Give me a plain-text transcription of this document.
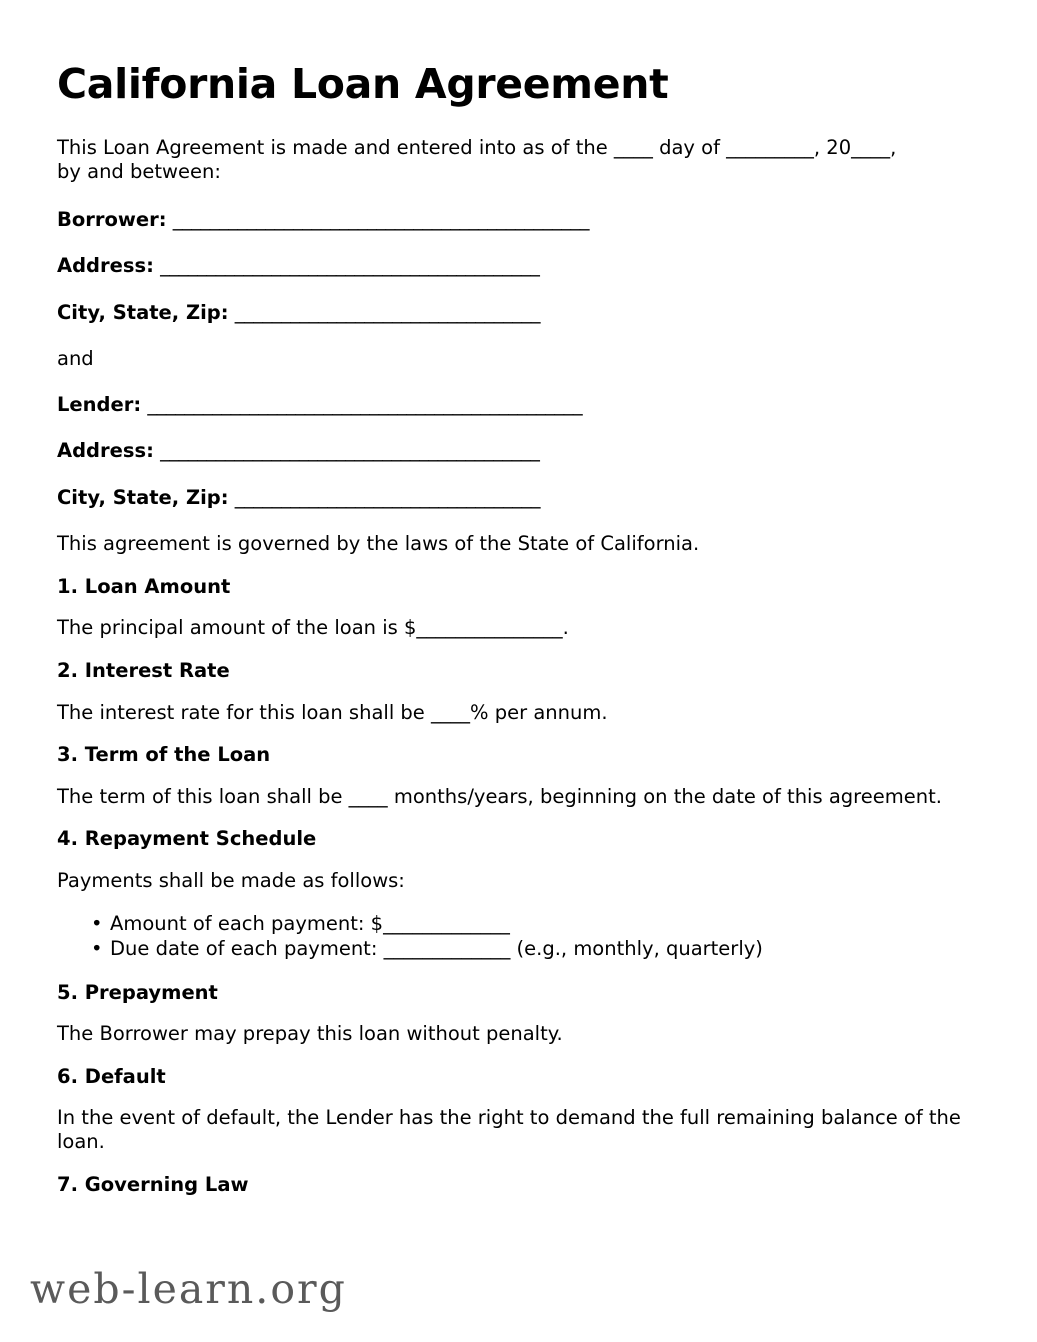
California Loan Agreement

This Loan Agreement is made and entered into as of the ____ day of _________, 20____,
by and between:

Borrower: _____________________________________________
Address: _________________________________________
City, State, Zip: _________________________________

and

Lender: _______________________________________________
Address: _________________________________________
City, State, Zip: _________________________________

This agreement is governed by the laws of the State of California.

1. Loan Amount

The principal amount of the loan is $_______________.

2. Interest Rate

The interest rate for this loan shall be ____% per annum.

3. Term of the Loan

The term of this loan shall be ____ months/years, beginning on the date of this agreement.

4. Repayment Schedule

Payments shall be made as follows:

• Amount of each payment: $_____________
• Due date of each payment: _____________ (e.g., monthly, quarterly)
5. Prepayment

The Borrower may prepay this loan without penalty.

6. Default

In the event of default, the Lender has the right to demand the full remaining balance of the loan.

7. Governing Law
web-learn.org
